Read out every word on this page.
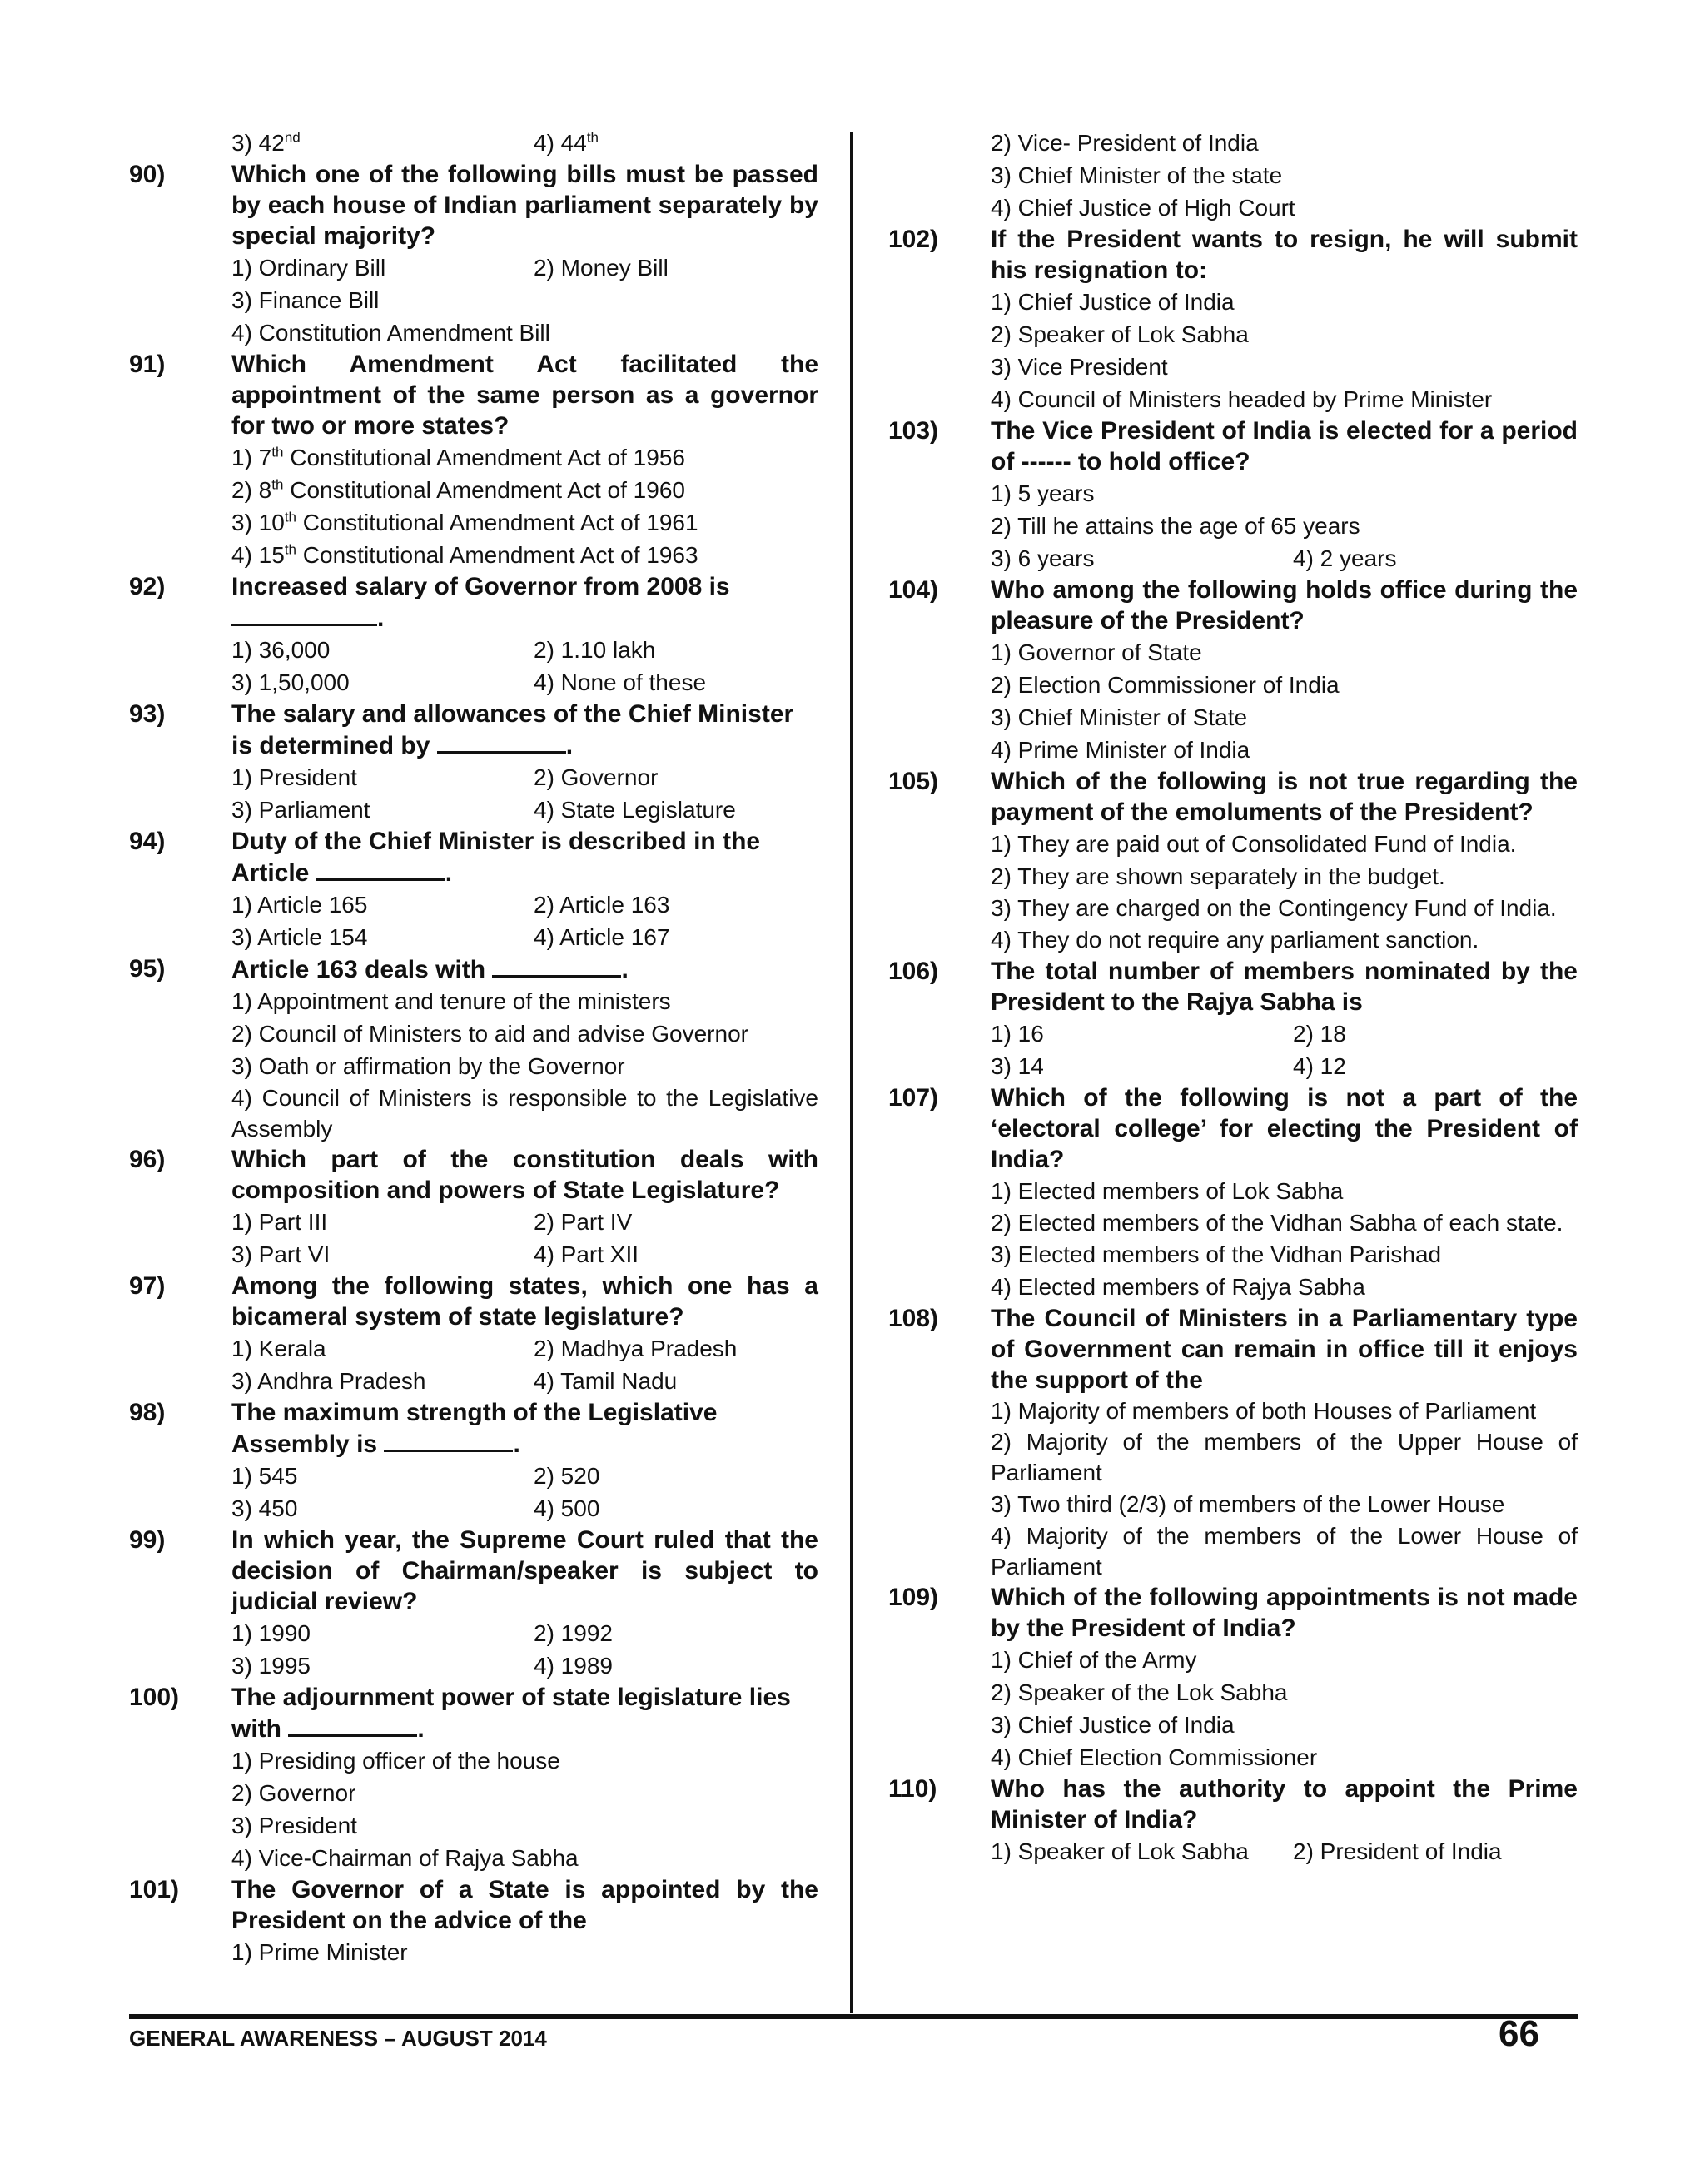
3) 42nd	4) 44th
90)	Which one of the following bills must be passed by each house of Indian parliament separately by special majority?
1) Ordinary Bill	2) Money Bill
3) Finance Bill
4) Constitution Amendment Bill
91)	Which Amendment Act facilitated the appointment of the same person as a governor for two or more states?
1) 7th Constitutional Amendment Act of 1956
2) 8th Constitutional Amendment Act of 1960
3) 10th Constitutional Amendment Act of 1961
4) 15th Constitutional Amendment Act of 1963
92)	Increased salary of Governor from 2008 is
.
1) 36,000	2) 1.10 lakh
3) 1,50,000	4) None of these
93)	The salary and allowances of the Chief Minister is determined by	.
1) President	2) Governor
3) Parliament	4) State Legislature
94)	Duty of the Chief Minister is described in the Article	.
1) Article 165	2) Article 163
3) Article 154	4) Article 167
95)	Article 163 deals with	.
1) Appointment and tenure of the ministers
2) Council of Ministers to aid and advise Governor
3) Oath or affirmation by the Governor
4) Council of Ministers is responsible to the Legislative Assembly
96)	Which part of the constitution deals with composition and powers of State Legislature?
1) Part III	2) Part IV
3) Part VI	4) Part XII
97)	Among the following states, which one has a bicameral system of state legislature?
1) Kerala	2) Madhya Pradesh
3) Andhra Pradesh	4) Tamil Nadu
98)	The maximum strength of the Legislative Assembly is	.
1) 545	2) 520
3) 450	4) 500
99)	In which year, the Supreme Court ruled that the decision of Chairman/speaker is subject to judicial review?
1) 1990	2) 1992
3) 1995	4) 1989
100) The adjournment power of state legislature lies with	.
1) Presiding officer of the house
2) Governor
3) President
4) Vice-Chairman of Rajya Sabha
101) The Governor of a State is appointed by the President on the advice of the
1) Prime Minister
2) Vice- President of India
3) Chief Minister of the state
4) Chief Justice of High Court
102) If the President wants to resign, he will submit his resignation to:
1) Chief Justice of India
2) Speaker of Lok Sabha
3) Vice President
4) Council of Ministers headed by Prime Minister
103) The Vice President of India is elected for a period of ------ to hold office?
1) 5 years
2) Till he attains the age of 65 years
3) 6 years	4) 2 years
104) Who among the following holds office during the pleasure of the President?
1) Governor of State
2) Election Commissioner of India
3) Chief Minister of State
4) Prime Minister of India
105) Which of the following is not true regarding the payment of the emoluments of the President?
1) They are paid out of Consolidated Fund of India.
2) They are shown separately in the budget.
3) They are charged on the Contingency Fund of India.
4) They do not require any parliament sanction.
106) The total number of members nominated by the President to the Rajya Sabha is
1) 16	2) 18
3) 14	4) 12
107) Which of the following is not a part of the ‘electoral college’ for electing the President of India?
1) Elected members of Lok Sabha
2) Elected members of the Vidhan Sabha of each state.
3) Elected members of the Vidhan Parishad
4) Elected members of Rajya Sabha
108) The Council of Ministers in a Parliamentary type of Government can remain in office till it enjoys the support of the
1) Majority of members of both Houses of Parliament
2) Majority of the members of the Upper House of Parliament
3) Two third (2/3) of members of the Lower House
4) Majority of the members of the Lower House of Parliament
109) Which of the following appointments is not made by the President of India?
1) Chief of the Army
2) Speaker of the Lok Sabha
3) Chief Justice of India
4) Chief Election Commissioner
110) Who has the authority to appoint the Prime Minister of India?
1) Speaker of Lok Sabha	2) President of India
GENERAL AWARENESS – AUGUST 2014	66
